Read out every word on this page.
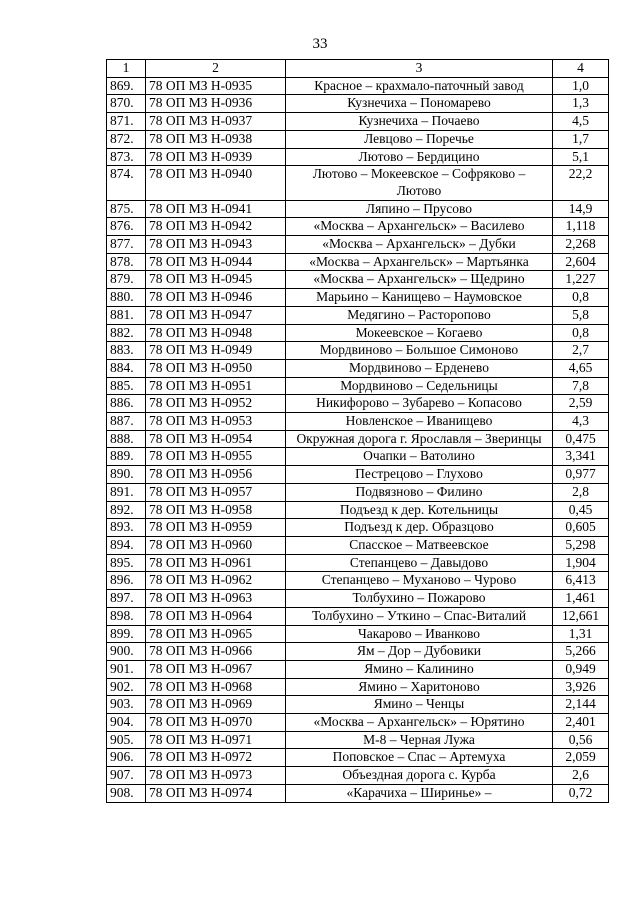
33
1	2	3	4
869.	78 ОП МЗ Н-0935	Красное – крахмало-паточный завод	1,0
870.	78 ОП МЗ Н-0936	Кузнечиха – Пономарево	1,3
871.	78 ОП МЗ Н-0937	Кузнечиха – Почаево	4,5
872.	78 ОП МЗ Н-0938	Левцово – Поречье	1,7
873.	78 ОП МЗ Н-0939	Лютово – Бердицино	5,1
874.	78 ОП МЗ Н-0940	Лютово – Мокеевское – Софряково – Лютово	22,2
875.	78 ОП МЗ Н-0941	Ляпино – Прусово	14,9
876.	78 ОП МЗ Н-0942	«Москва – Архангельск» – Василево	1,118
877.	78 ОП МЗ Н-0943	«Москва – Архангельск» – Дубки	2,268
878.	78 ОП МЗ Н-0944	«Москва – Архангельск» – Мартьянка	2,604
879.	78 ОП МЗ Н-0945	«Москва – Архангельск» – Щедрино	1,227
880.	78 ОП МЗ Н-0946	Марьино – Канищево – Наумовское	0,8
881.	78 ОП МЗ Н-0947	Медягино – Расторопово	5,8
882.	78 ОП МЗ Н-0948	Мокеевское – Когаево	0,8
883.	78 ОП МЗ Н-0949	Мордвиново – Большое Симоново	2,7
884.	78 ОП МЗ Н-0950	Мордвиново – Ерденево	4,65
885.	78 ОП МЗ Н-0951	Мордвиново – Седельницы	7,8
886.	78 ОП МЗ Н-0952	Никифорово – Зубарево – Копасово	2,59
887.	78 ОП МЗ Н-0953	Новленское – Иванищево	4,3
888.	78 ОП МЗ Н-0954	Окружная дорога г. Ярославля – Зверинцы	0,475
889.	78 ОП МЗ Н-0955	Очапки – Ватолино	3,341
890.	78 ОП МЗ Н-0956	Пестрецово – Глухово	0,977
891.	78 ОП МЗ Н-0957	Подвязново – Филино	2,8
892.	78 ОП МЗ Н-0958	Подъезд к дер. Котельницы	0,45
893.	78 ОП МЗ Н-0959	Подъезд к дер. Образцово	0,605
894.	78 ОП МЗ Н-0960	Спасское – Матвеевское	5,298
895.	78 ОП МЗ Н-0961	Степанцево – Давыдово	1,904
896.	78 ОП МЗ Н-0962	Степанцево – Муханово – Чурово	6,413
897.	78 ОП МЗ Н-0963	Толбухино – Пожарово	1,461
898.	78 ОП МЗ Н-0964	Толбухино – Уткино – Спас-Виталий	12,661
899.	78 ОП МЗ Н-0965	Чакарово – Иванково	1,31
900.	78 ОП МЗ Н-0966	Ям – Дор – Дубовики	5,266
901.	78 ОП МЗ Н-0967	Ямино – Калинино	0,949
902.	78 ОП МЗ Н-0968	Ямино – Харитоново	3,926
903.	78 ОП МЗ Н-0969	Ямино – Ченцы	2,144
904.	78 ОП МЗ Н-0970	«Москва – Архангельск» – Юрятино	2,401
905.	78 ОП МЗ Н-0971	М-8 – Черная Лужа	0,56
906.	78 ОП МЗ Н-0972	Поповское – Спас – Артемуха	2,059
907.	78 ОП МЗ Н-0973	Объездная дорога с. Курба	2,6
908.	78 ОП МЗ Н-0974	«Карачиха – Ширинье» –	0,72
